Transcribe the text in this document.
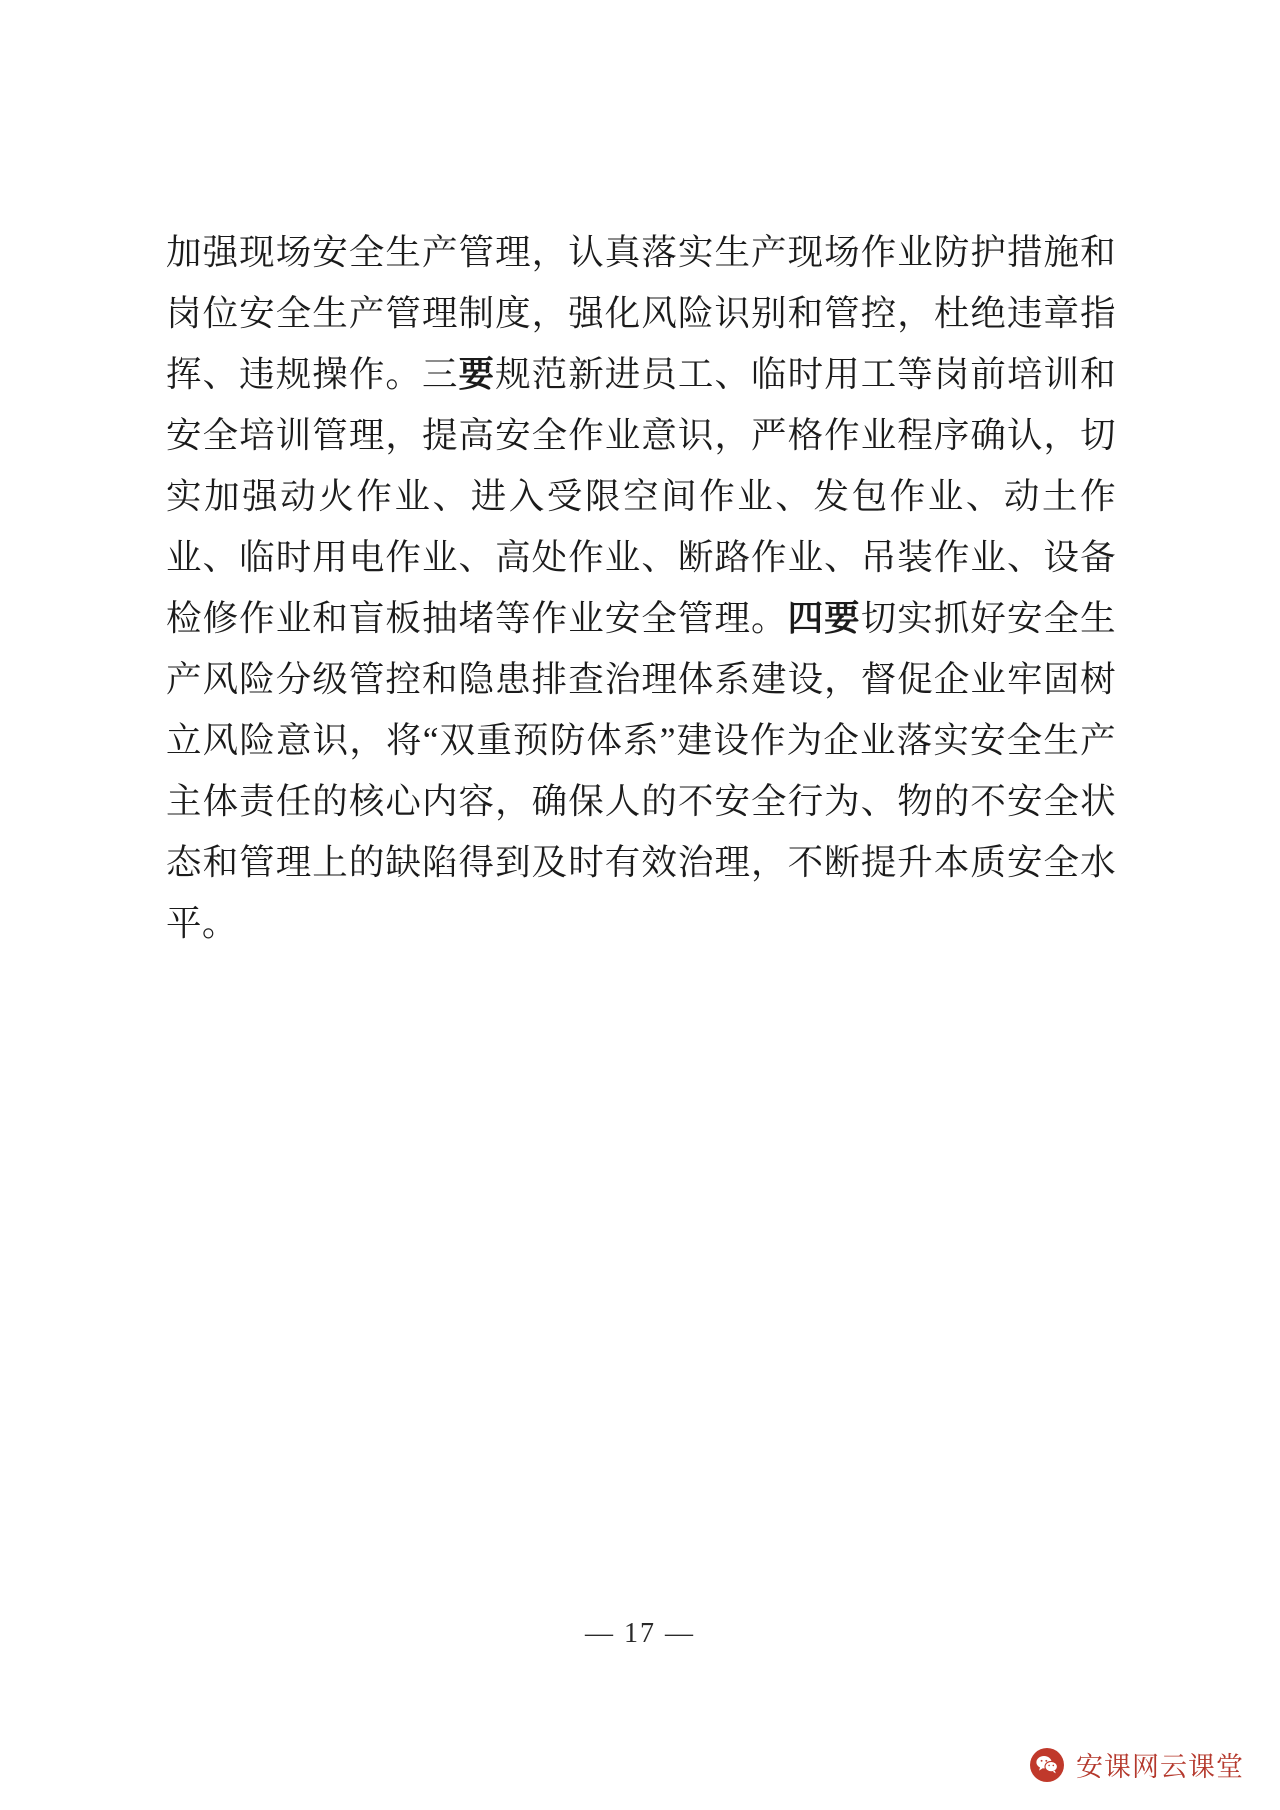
加强现场安全生产管理，认真落实生产现场作业防护措施和岗位安全生产管理制度，强化风险识别和管控，杜绝违章指挥、违规操作。三要规范新进员工、临时用工等岗前培训和安全培训管理，提高安全作业意识，严格作业程序确认，切实加强动火作业、进入受限空间作业、发包作业、动土作业、临时用电作业、高处作业、断路作业、吊装作业、设备检修作业和盲板抽堵等作业安全管理。四要切实抓好安全生产风险分级管控和隐患排查治理体系建设，督促企业牢固树立风险意识，将“双重预防体系”建设作为企业落实安全生产主体责任的核心内容，确保人的不安全行为、物的不安全状态和管理上的缺陷得到及时有效治理，不断提升本质安全水平。

— 17 —
安课网云课堂
